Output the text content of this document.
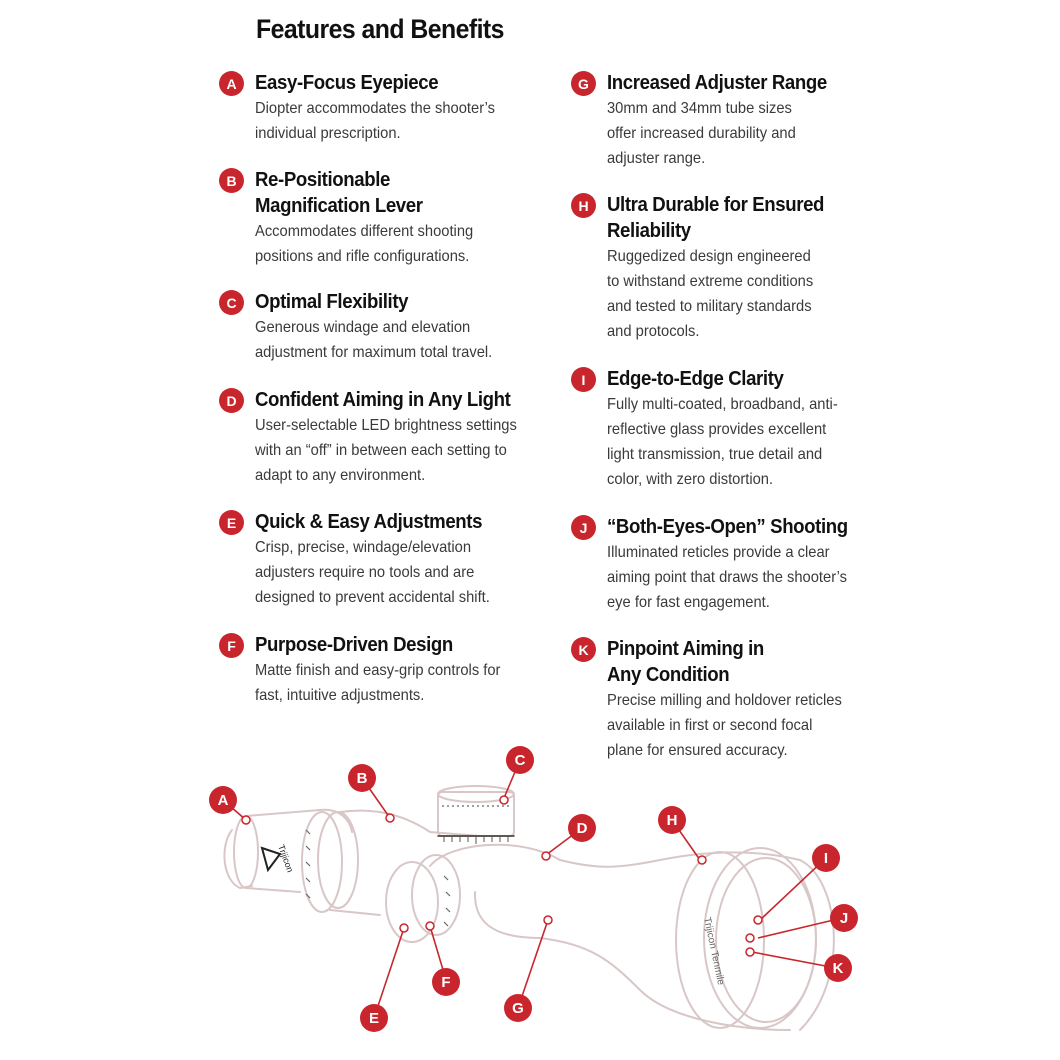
Features and Benefits
A Easy-Focus Eyepiece

Diopter accommodates the shooter’s
individual prescription.

B Re-Positionable
Magnification Lever

Accommodates different shooting
positions and rifle configurations.

C Optimal Flexibility

Generous windage and elevation
adjustment for maximum total travel.

D Confident Aiming in Any Light

User-selectable LED brightness settings
with an “off” in between each setting to
adapt to any environment.

E Quick & Easy Adjustments

Crisp, precise, windage/elevation
adjusters require no tools and are
designed to prevent accidental shift.

F Purpose-Driven Design

Matte finish and easy-grip controls for
fast, intuitive adjustments.

G Increased Adjuster Range

30mm and 34mm tube sizes
offer increased durability and
adjuster range.

H Ultra Durable for Ensured
Reliability

Ruggedized design engineered
to withstand extreme conditions
and tested to military standards
and protocols.

I	Edge-to-Edge Clarity

Fully multi-coated, broadband, anti-
reflective glass provides excellent
light transmission, true detail and
color, with zero distortion.

J “Both-Eyes-Open” Shooting

Illuminated reticles provide a clear
aiming point that draws the shooter’s
eye for fast engagement.

K Pinpoint Aiming in
Any Condition

Precise milling and holdover reticles
available in first or second focal
plane for ensured accuracy.

Trijicon
Trijicon Tenmile
A
B
C
D
E
F
G
H
I
J
K
